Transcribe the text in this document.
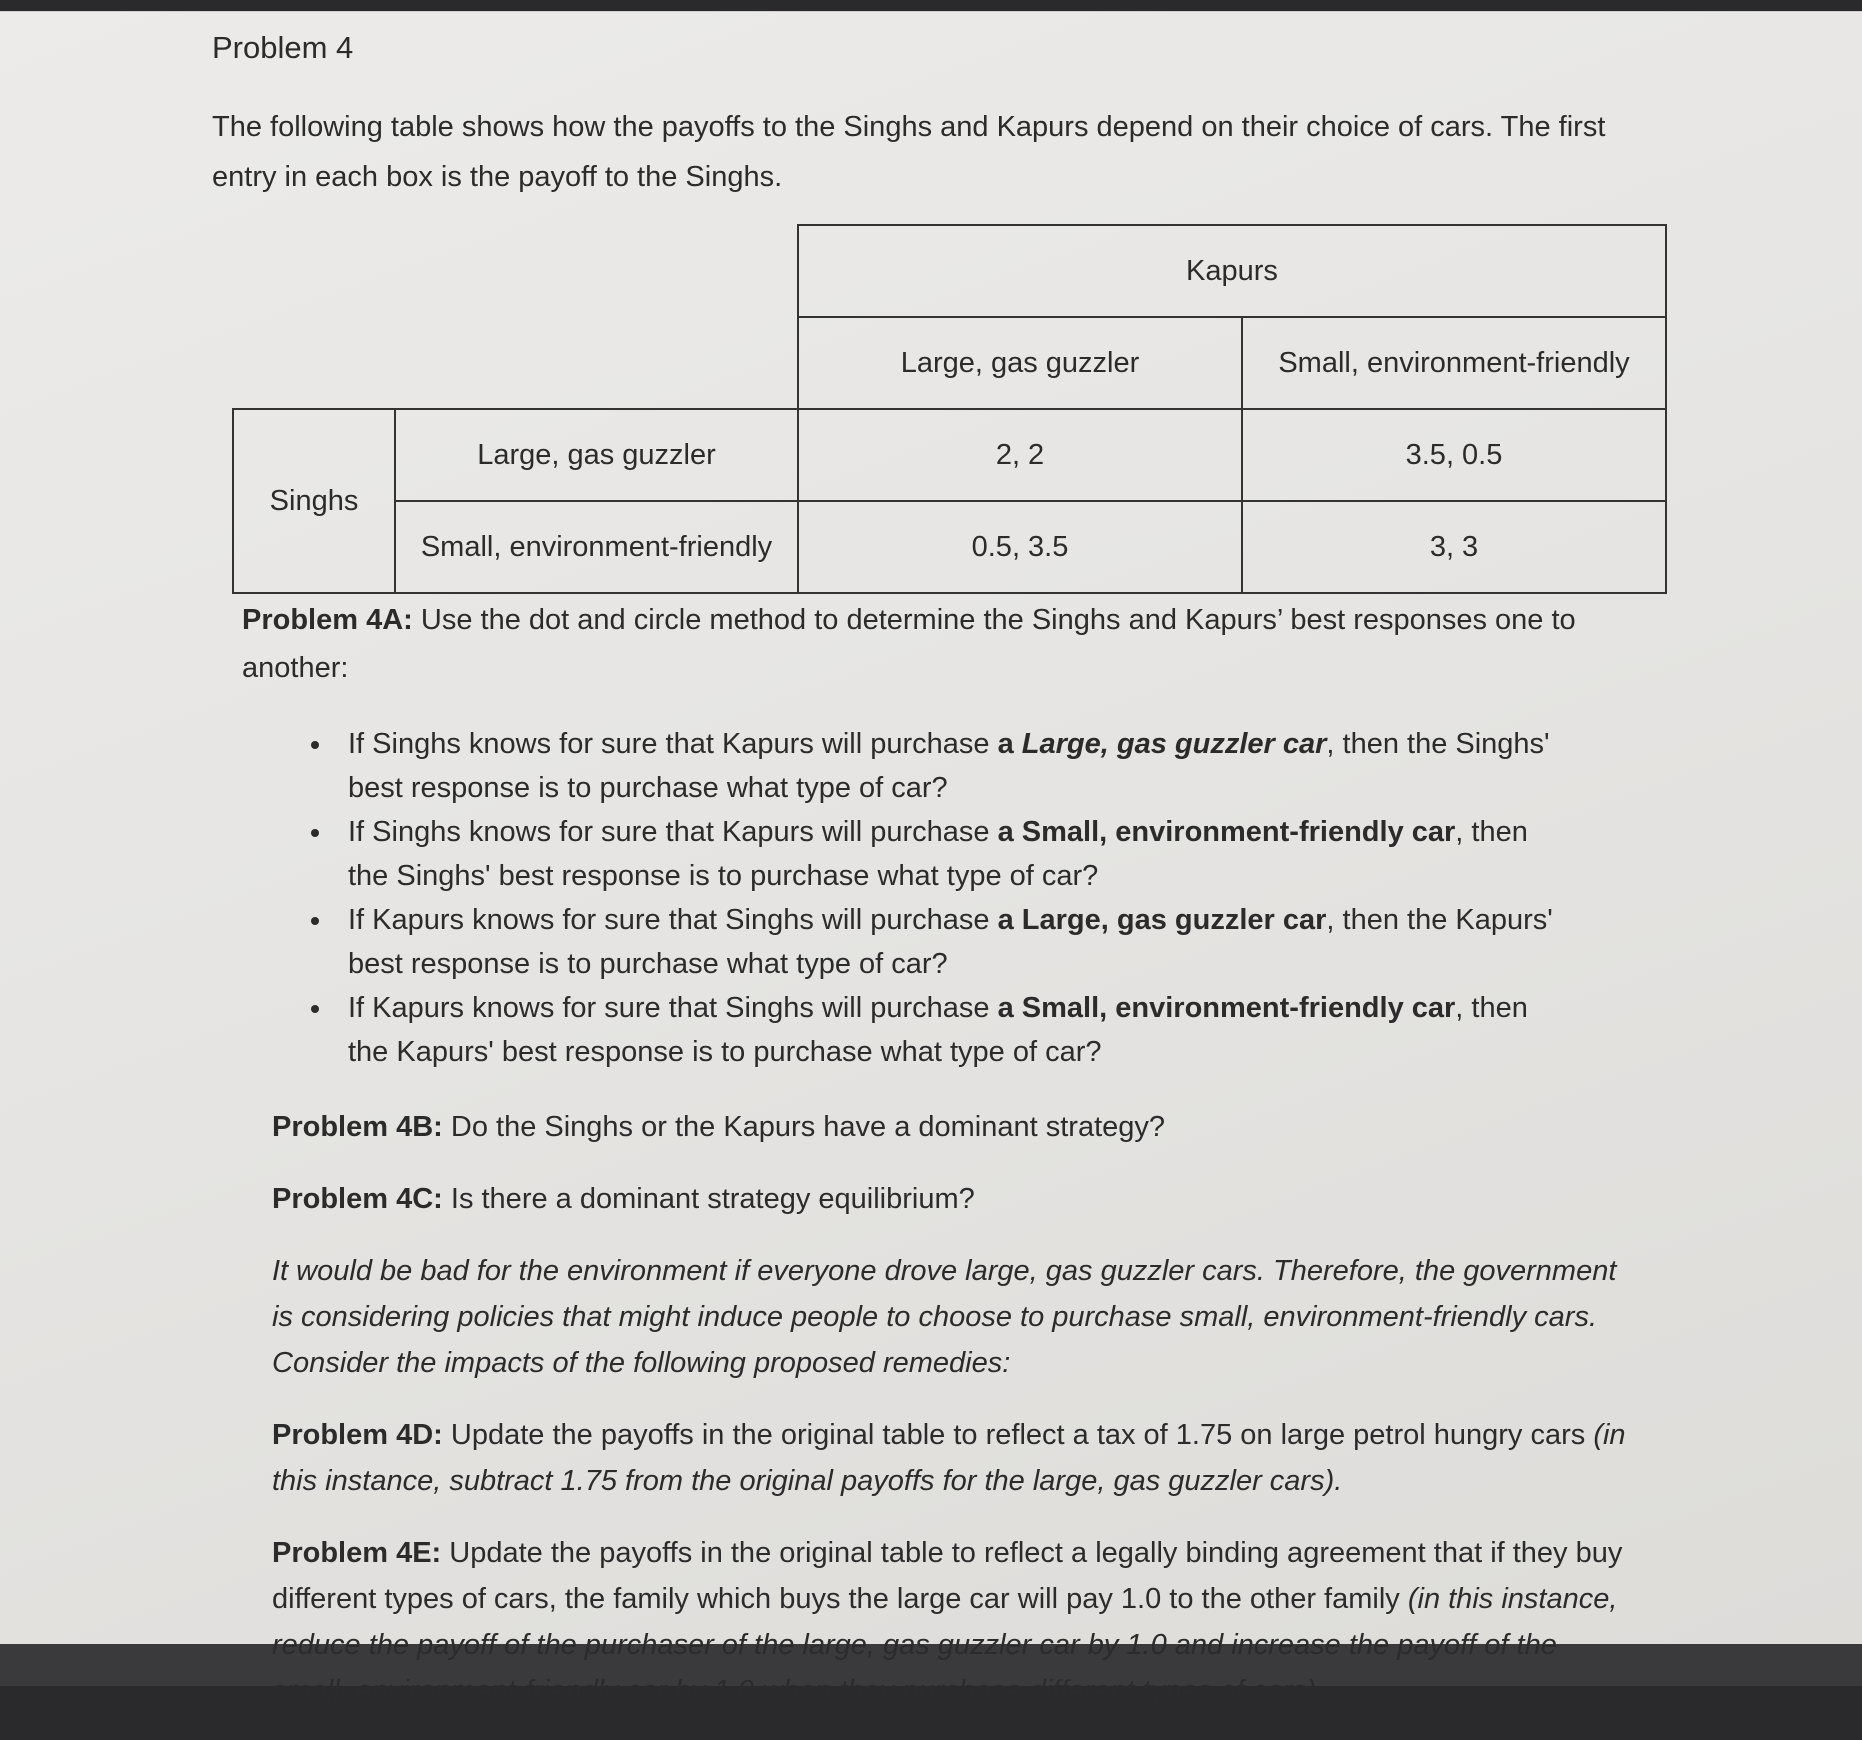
Problem 4
The following table shows how the payoffs to the Singhs and Kapurs depend on their choice of cars. The first entry in each box is the payoff to the Singhs.
		Kapurs	
		Large, gas guzzler	Small, environment-friendly
Singhs	Large, gas guzzler	2, 2	3.5, 0.5
	Small, environment-friendly	0.5, 3.5	3, 3
Problem 4A: Use the dot and circle method to determine the Singhs and Kapurs’ best responses one to another:
• If Singhs knows for sure that Kapurs will purchase a Large, gas guzzler car, then the Singhs' best response is to purchase what type of car?
• If Singhs knows for sure that Kapurs will purchase a Small, environment-friendly car, then the Singhs' best response is to purchase what type of car?
• If Kapurs knows for sure that Singhs will purchase a Large, gas guzzler car, then the Kapurs' best response is to purchase what type of car?
• If Kapurs knows for sure that Singhs will purchase a Small, environment-friendly car, then the Kapurs' best response is to purchase what type of car?
Problem 4B: Do the Singhs or the Kapurs have a dominant strategy?
Problem 4C: Is there a dominant strategy equilibrium?
It would be bad for the environment if everyone drove large, gas guzzler cars. Therefore, the government is considering policies that might induce people to choose to purchase small, environment-friendly cars. Consider the impacts of the following proposed remedies:
Problem 4D: Update the payoffs in the original table to reflect a tax of 1.75 on large petrol hungry cars (in this instance, subtract 1.75 from the original payoffs for the large, gas guzzler cars).
Problem 4E: Update the payoffs in the original table to reflect a legally binding agreement that if they buy different types of cars, the family which buys the large car will pay 1.0 to the other family (in this instance, reduce the payoff of the purchaser of the large, gas guzzler car by 1.0 and increase the payoff of the small, environment-friendly car by 1.0 when they purchase different types of cars).
